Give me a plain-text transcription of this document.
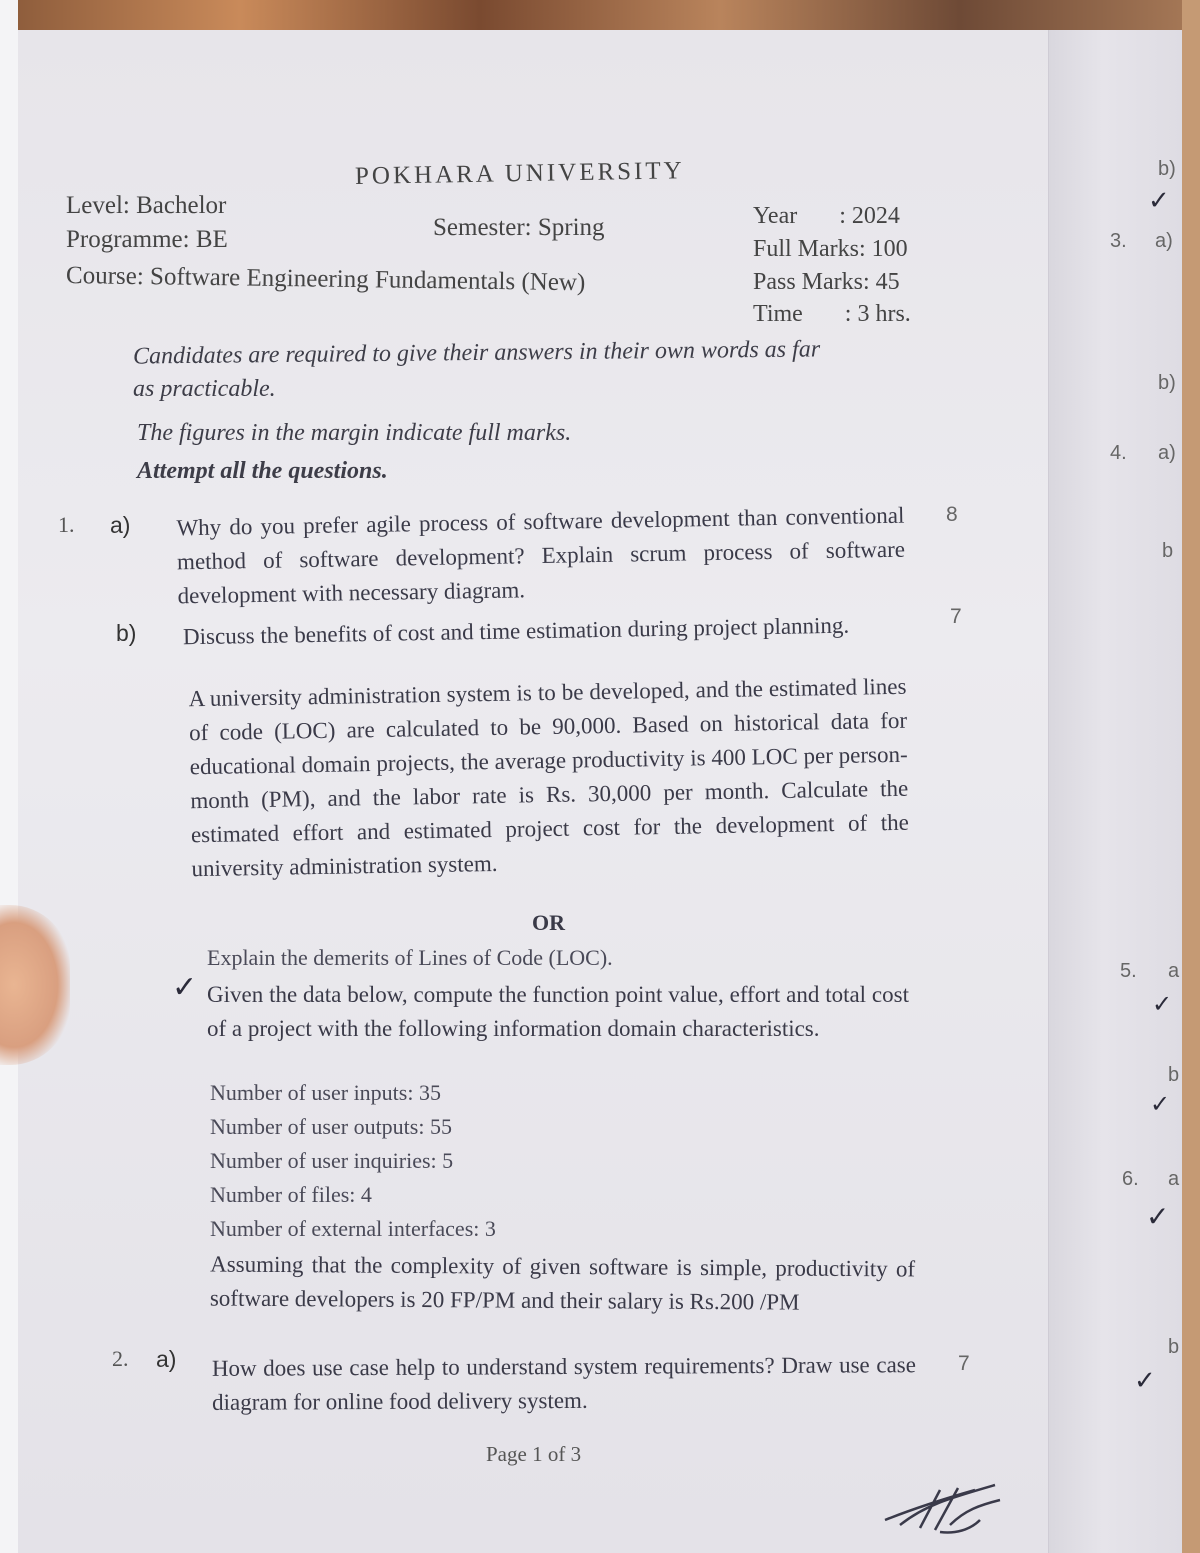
POKHARA UNIVERSITY
Level: Bachelor
Programme: BE
Course: Software Engineering Fundamentals (New)
Semester: Spring	Year       : 2024
Full Marks: 100
Pass Marks: 45
Time       : 3 hrs.
Candidates are required to give their answers in their own words as far
as practicable.
The figures in the margin indicate full marks.
Attempt all the questions.
1. a) Why do you prefer agile process of software development than conventional method of software development? Explain scrum process of software development with necessary diagram.
8
b) Discuss the benefits of cost and time estimation during project planning.	7
A university administration system is to be developed, and the estimated lines of code (LOC) are calculated to be 90,000. Based on historical data for educational domain projects, the average productivity is 400 LOC per person-month (PM), and the labor rate is Rs. 30,000 per month. Calculate the estimated effort and estimated project cost for the development of the university administration system.
OR
Explain the demerits of Lines of Code (LOC).
✓ Given the data below, compute the function point value, effort and total cost of a project with the following information domain characteristics.
Number of user inputs: 35
Number of user outputs: 55
Number of user inquiries: 5
Number of files: 4
Number of external interfaces: 3
Assuming that the complexity of given software is simple, productivity of software developers is 20 FP/PM and their salary is Rs.200 /PM
2. a) How does use case help to understand system requirements? Draw use case diagram for online food delivery system.
7
Page 1 of 3
b)
3. a)
b)
4. a)
b
5. a
b
6. a
b
✓
✓
✓
✓
✓
